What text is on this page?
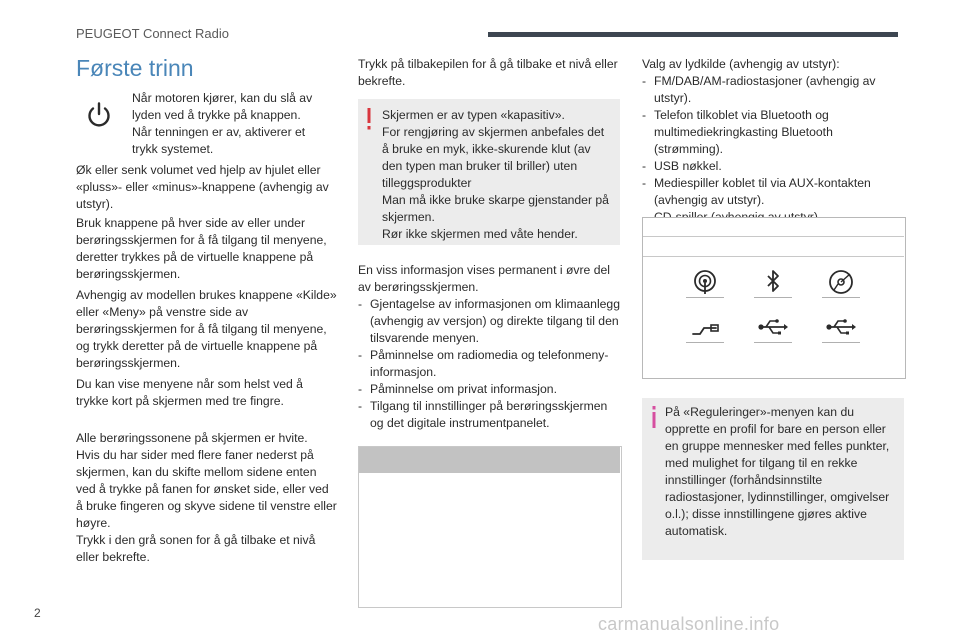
PEUGEOT Connect Radio
Første trinn

Når motoren kjører, kan du slå av lyden ved å trykke på knappen.
Når tenningen er av, aktiverer et trykk systemet.

Øk eller senk volumet ved hjelp av hjulet eller «pluss»- eller «minus»-knappene (avhengig av utstyr).
Bruk knappene på hver side av eller under berøringsskjermen for å få tilgang til menyene, deretter trykkes på de virtuelle knappene på berøringsskjermen.
Avhengig av modellen brukes knappene «Kilde» eller «Meny» på venstre side av berøringsskjermen for å få tilgang til menyene, og trykk deretter på de virtuelle knappene på berøringsskjermen.
Du kan vise menyene når som helst ved å trykke kort på skjermen med tre fingre.
Alle berøringssonene på skjermen er hvite.
Hvis du har sider med flere faner nederst på skjermen, kan du skifte mellom sidene enten ved å trykke på fanen for ønsket side, eller ved å bruke fingeren og skyve sidene til venstre eller høyre.
Trykk i den grå sonen for å gå tilbake et nivå eller bekrefte.
Trykk på tilbakepilen for å gå tilbake et nivå eller bekrefte.
Skjermen er av typen «kapasitiv».
For rengjøring av skjermen anbefales det å bruke en myk, ikke-skurende klut (av den typen man bruker til briller) uten tilleggsprodukter
Man må ikke bruke skarpe gjenstander på skjermen.
Rør ikke skjermen med våte hender.
En viss informasjon vises permanent i øvre del av berøringsskjermen.
- Gjentagelse av informasjonen om klimaanlegg (avhengig av versjon) og direkte tilgang til den tilsvarende menyen.
- Påminnelse om radiomedia og telefonmeny-informasjon.
- Påminnelse om privat informasjon.
- Tilgang til innstillinger på berøringsskjermen og det digitale instrumentpanelet.
Valg av lydkilde (avhengig av utstyr):
- FM/DAB/AM-radiostasjoner (avhengig av utstyr).
- Telefon tilkoblet via Bluetooth og multimediekringkasting Bluetooth (strømming).
- USB nøkkel.
- Mediespiller koblet til via AUX-kontakten (avhengig av utstyr).
På «Reguleringer»-menyen kan du opprette en profil for bare en person eller en gruppe mennesker med felles punkter, med mulighet for tilgang til en rekke innstillinger (forhåndsinnstilte radiostasjoner, lydinnstillinger, omgivelser o.l.); disse innstillingene gjøres aktive automatisk.
2
carmanualsonline.info
